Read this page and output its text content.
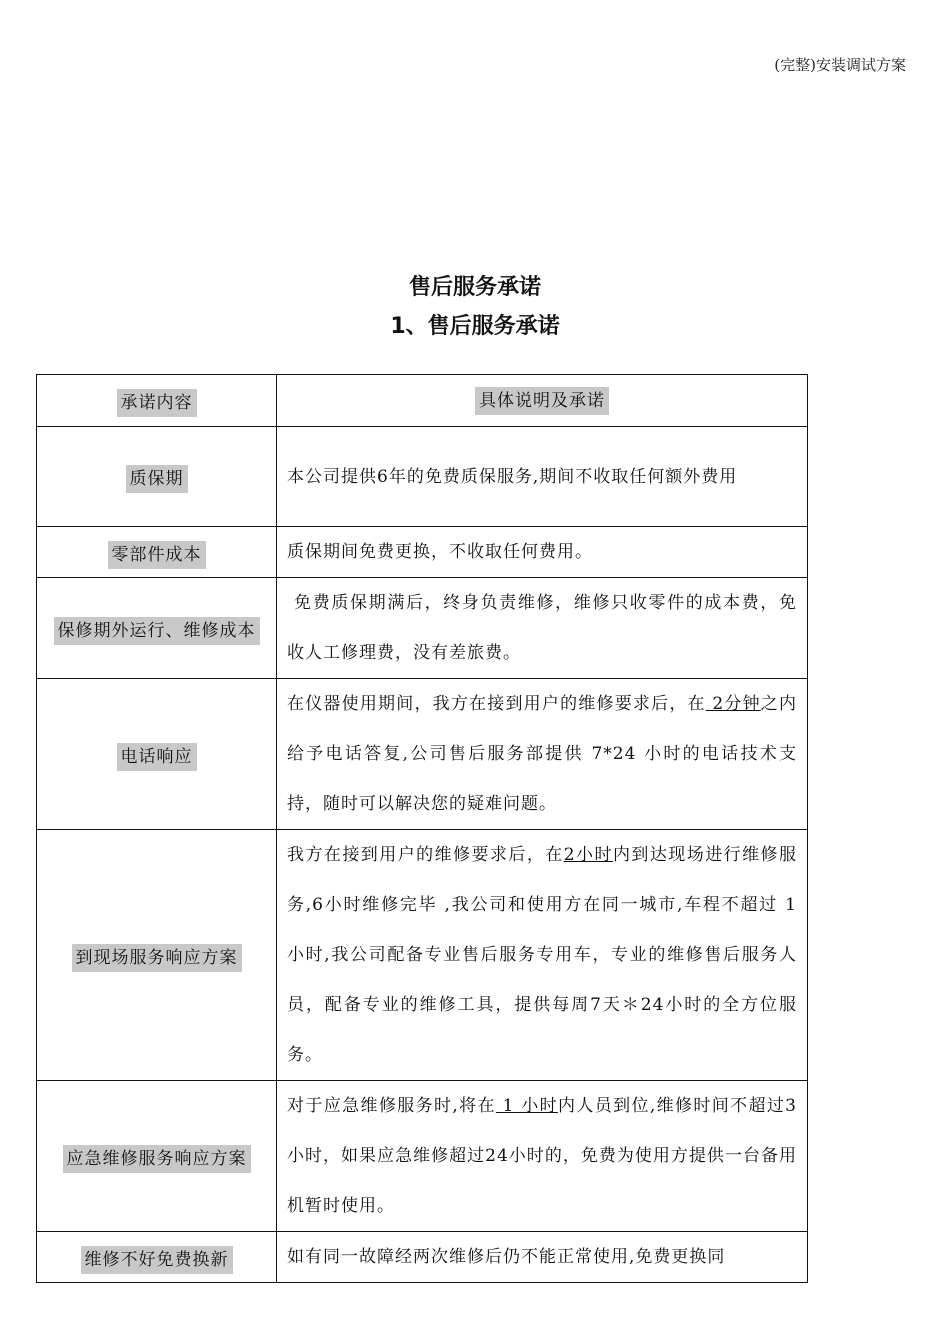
(完整)安装调试方案
售后服务承诺
1、售后服务承诺
承诺内容	具体说明及承诺
质保期	本公司提供6年的免费质保服务,期间不收取任何额外费用
零部件成本	质保期间免费更换，不收取任何费用。
保修期外运行、维修成本	免费质保期满后，终身负责维修，维修只收零件的成本费，免收人工修理费，没有差旅费。
电话响应	在仪器使用期间，我方在接到用户的维修要求后，在 2分钟之内给予电话答复,公司售后服务部提供 7*24 小时的电话技术支持，随时可以解决您的疑难问题。
到现场服务响应方案	我方在接到用户的维修要求后，在2小时内到达现场进行维修服务,6小时维修完毕 ,我公司和使用方在同一城市,车程不超过 1 小时,我公司配备专业售后服务专用车，专业的维修售后服务人员，配备专业的维修工具，提供每周7天＊24小时的全方位服务。
应急维修服务响应方案	对于应急维修服务时,将在 1 小时内人员到位,维修时间不超过3小时，如果应急维修超过24小时的，免费为使用方提供一台备用机暂时使用。
维修不好免费换新	如有同一故障经两次维修后仍不能正常使用,免费更换同
